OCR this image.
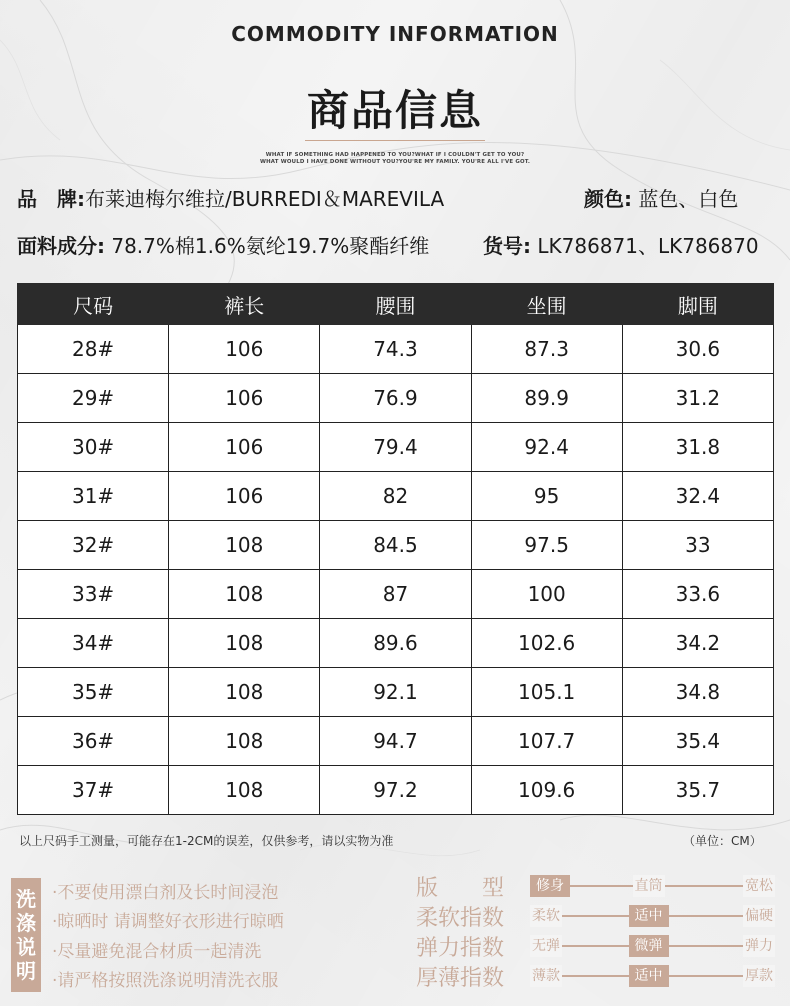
COMMODITY INFORMATION
商品信息
WHAT IF SOMETHING HAD HAPPENED TO YOU?WHAT IF I COULDN'T GET TO YOU?
WHAT WOULD I HAVE DONE WITHOUT YOU?YOU'RE MY FAMILY. YOU'RE ALL I'VE GOT.
品　牌:布莱迪梅尔维拉/BURREDI＆MAREVILA	颜色: 蓝色、白色
面料成分: 78.7%棉1.6%氨纶19.7%聚酯纤维	货号: LK786871、LK786870
尺码	裤长	腰围	坐围	脚围
28#	106	74.3	87.3	30.6
29#	106	76.9	89.9	31.2
30#	106	79.4	92.4	31.8
31#	106	82	95	32.4
32#	108	84.5	97.5	33
33#	108	87	100	33.6
34#	108	89.6	102.6	34.2
35#	108	92.1	105.1	34.8
36#	108	94.7	107.7	35.4
37#	108	97.2	109.6	35.7
以上尺码手工测量，可能存在1-2CM的误差，仅供参考，请以实物为准	（单位：CM）
洗
涤
说
明
·不要使用漂白剂及长时间浸泡
·晾晒时 请调整好衣形进行晾晒
·尽量避免混合材质一起清洗
·请严格按照洗涤说明清洗衣服
版　　型	修身	直筒	宽松
柔软指数	柔软	适中	偏硬
弹力指数	无弹	微弹	弹力
厚薄指数	薄款	适中	厚款
